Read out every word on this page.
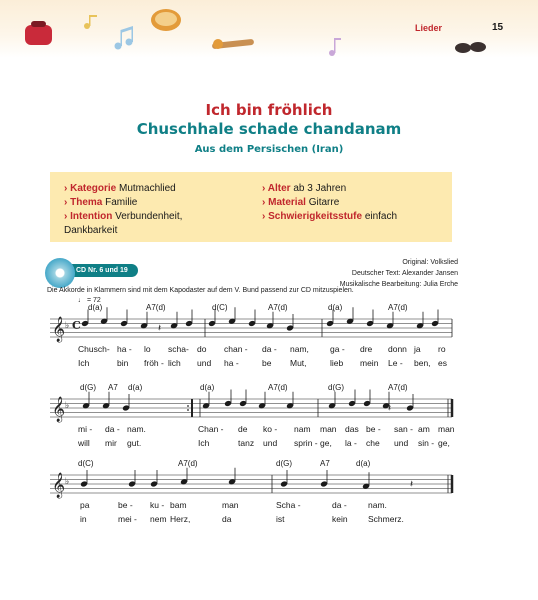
Lieder	15
Ich bin fröhlich
Chuschhale schade chandanam
Aus dem Persischen (Iran)
› Kategorie Mutmachlied
› Thema Familie
› Intention Verbundenheit,
Dankbarkeit
› Alter ab 3 Jahren
› Material Gitarre
› Schwierigkeitsstufe einfach
CD Nr. 6 und 19
Original: Volkslied
Deutscher Text: Alexander Jansen
Musikalische Bearbeitung: Julia Erche
Die Akkorde in Klammern sind mit dem Kapodaster auf dem V. Bund passend zur CD mitzuspielen.
♩ = 72
𝄞 ♭ C
𝄞 ♭
𝄞 ♭
𝄽
𝄽
𝄽
d(a)	A7(d)	d(C)	A7(d)	d(a)	A7(d)
Chusch- ha - lo scha- do chan - da - nam, ga - dre donn ja ro
Ich	bin fröh - lich und ha -	be Mut,	lieb mein Le - ben, es
d(G) A7 d(a)	d(a)	A7(d)	d(G)	A7(d)
mi - da - nam.	Chan - de ko - nam man das be - san - am man
will mir gut.	Ich	tanz und sprin - ge, la - che und sin - ge,
d(C)	A7(d)	d(G)	A7	d(a)
pa	be - ku - bam	man	Scha -	da -	nam.
in	mei - nem Herz,	da	ist	kein Schmerz.
